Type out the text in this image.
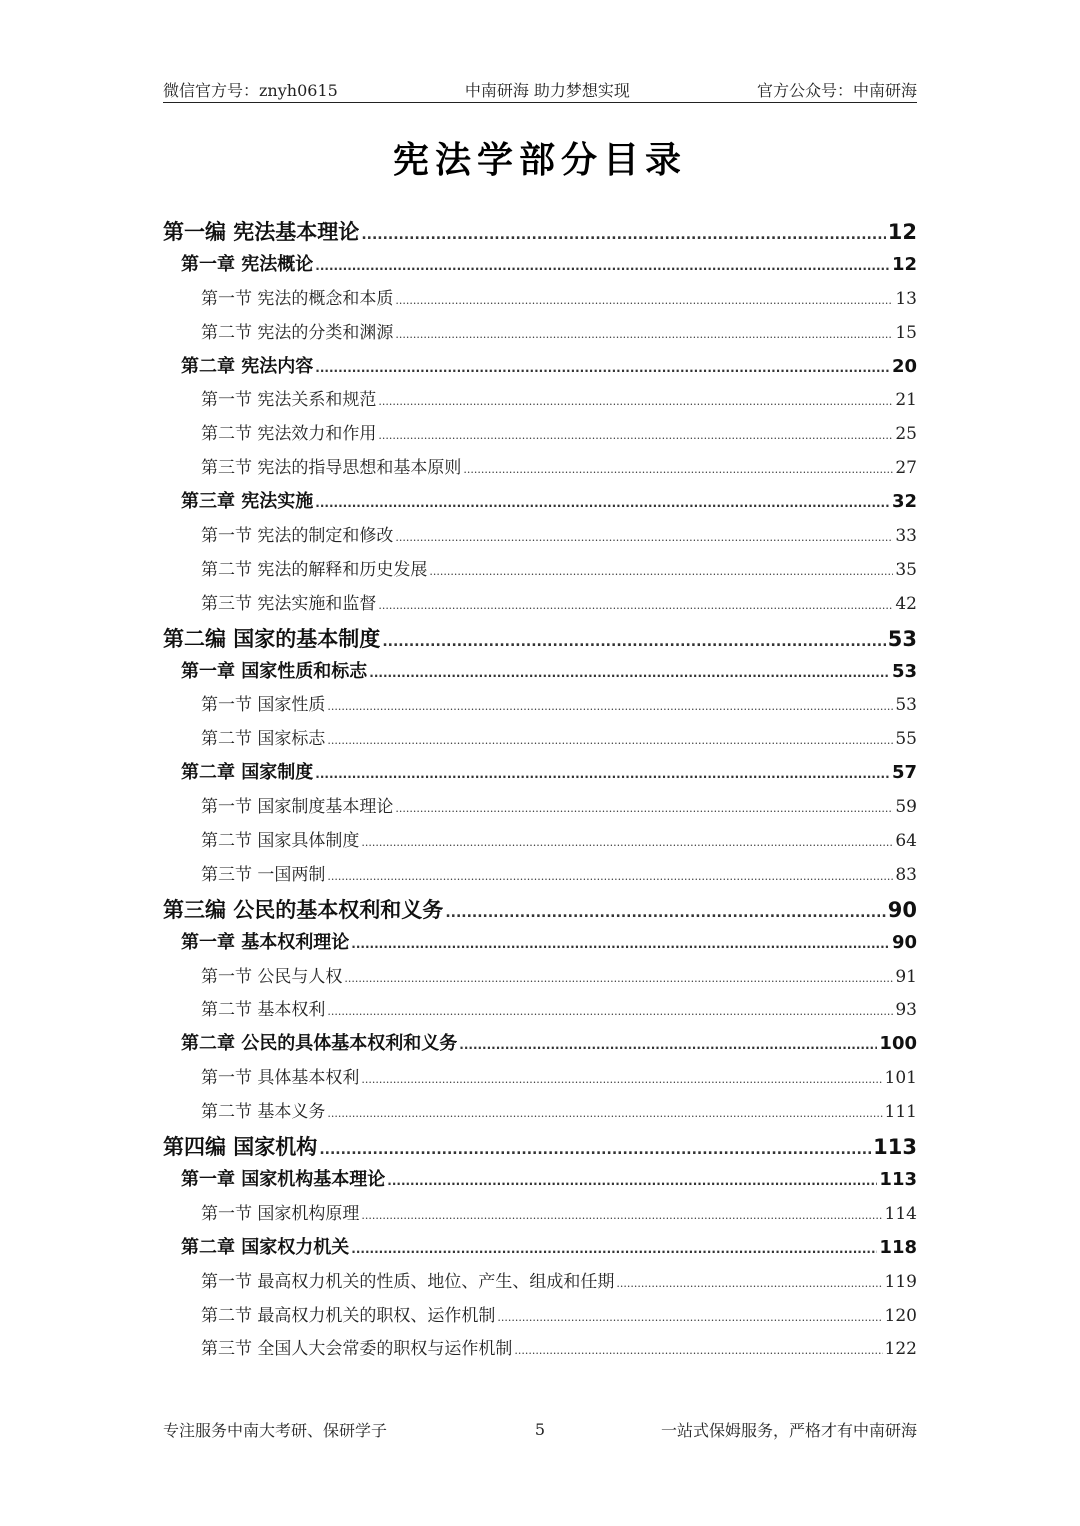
微信官方号：znyh0615	中南研海 助力梦想实现	官方公众号：中南研海
宪法学部分目录
第一编 宪法基本理论 .....	12
第一章 宪法概论 .....	12
第一节 宪法的概念和本质 .....	13
第二节 宪法的分类和渊源 .....	15
第二章 宪法内容 .....	20
第一节 宪法关系和规范 .....	21
第二节 宪法效力和作用 .....	25
第三节 宪法的指导思想和基本原则 .....	27
第三章 宪法实施 .....	32
第一节 宪法的制定和修改 .....	33
第二节 宪法的解释和历史发展 .....	35
第三节 宪法实施和监督 .....	42
第二编 国家的基本制度 .....	53
第一章 国家性质和标志 .....	53
第一节 国家性质 .....	53
第二节 国家标志 .....	55
第二章 国家制度 .....	57
第一节 国家制度基本理论 .....	59
第二节 国家具体制度 .....	64
第三节 一国两制 .....	83
第三编 公民的基本权利和义务 .....	90
第一章 基本权利理论 .....	90
第一节 公民与人权 .....	91
第二节 基本权利 .....	93
第二章 公民的具体基本权利和义务 .....	100
第一节 具体基本权利 .....	101
第二节 基本义务 .....	111
第四编 国家机构 .....	113
第一章 国家机构基本理论 .....	113
第一节 国家机构原理 .....	114
第二章 国家权力机关 .....	118
第一节 最高权力机关的性质、地位、产生、组成和任期 .....	119
第二节 最高权力机关的职权、运作机制 .....	120
第三节 全国人大会常委的职权与运作机制 .....	122
专注服务中南大考研、保研学子	5	一站式保姆服务，严格才有中南研海
